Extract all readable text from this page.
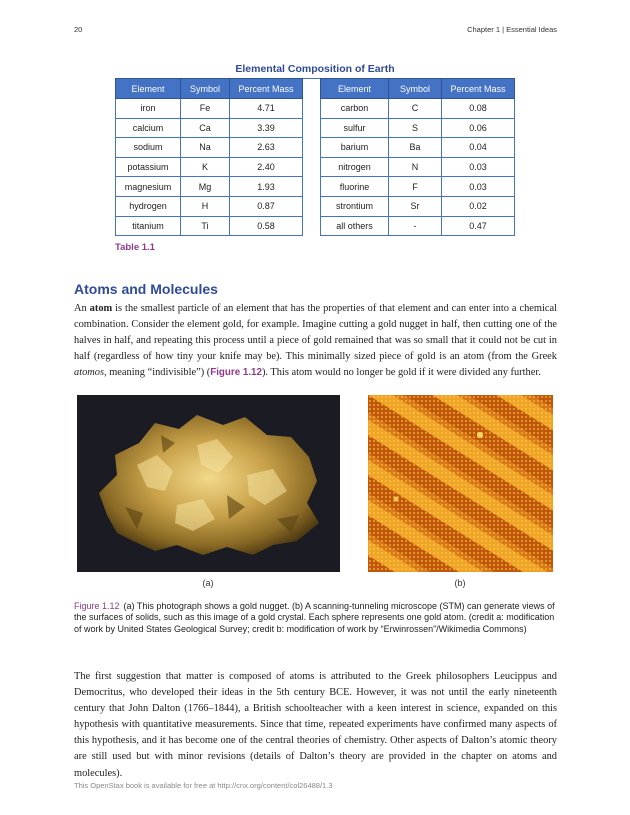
20	Chapter 1 | Essential Ideas
Elemental Composition of Earth
Element	Symbol	Percent Mass		Element	Symbol	Percent Mass
iron	Fe	4.71		carbon	C	0.08
calcium	Ca	3.39		sulfur	S	0.06
sodium	Na	2.63		barium	Ba	0.04
potassium	K	2.40		nitrogen	N	0.03
magnesium	Mg	1.93		fluorine	F	0.03
hydrogen	H	0.87		strontium	Sr	0.02
titanium	Ti	0.58		all others	-	0.47
Table 1.1
Atoms and Molecules

An atom is the smallest particle of an element that has the properties of that element and can enter into a chemical combination. Consider the element gold, for example. Imagine cutting a gold nugget in half, then cutting one of the halves in half, and repeating this process until a piece of gold remained that was so small that it could not be cut in half (regardless of how tiny your knife may be). This minimally sized piece of gold is an atom (from the Greek atomos, meaning “indivisible”) (Figure 1.12). This atom would no longer be gold if it were divided any further.

(a)	(b)

Figure 1.12 (a) This photograph shows a gold nugget. (b) A scanning-tunneling microscope (STM) can generate views of the surfaces of solids, such as this image of a gold crystal. Each sphere represents one gold atom. (credit a: modification of work by United States Geological Survey; credit b: modification of work by “Erwinrossen”/Wikimedia Commons)

The first suggestion that matter is composed of atoms is attributed to the Greek philosophers Leucippus and Democritus, who developed their ideas in the 5th century BCE. However, it was not until the early nineteenth century that John Dalton (1766–1844), a British schoolteacher with a keen interest in science, expanded on this hypothesis with quantitative measurements. Since that time, repeated experiments have confirmed many aspects of this hypothesis, and it has become one of the central theories of chemistry. Other aspects of Dalton’s atomic theory are still used but with minor revisions (details of Dalton’s theory are provided in the chapter on atoms and molecules).

This OpenStax book is available for free at http://cnx.org/content/col26488/1.3
